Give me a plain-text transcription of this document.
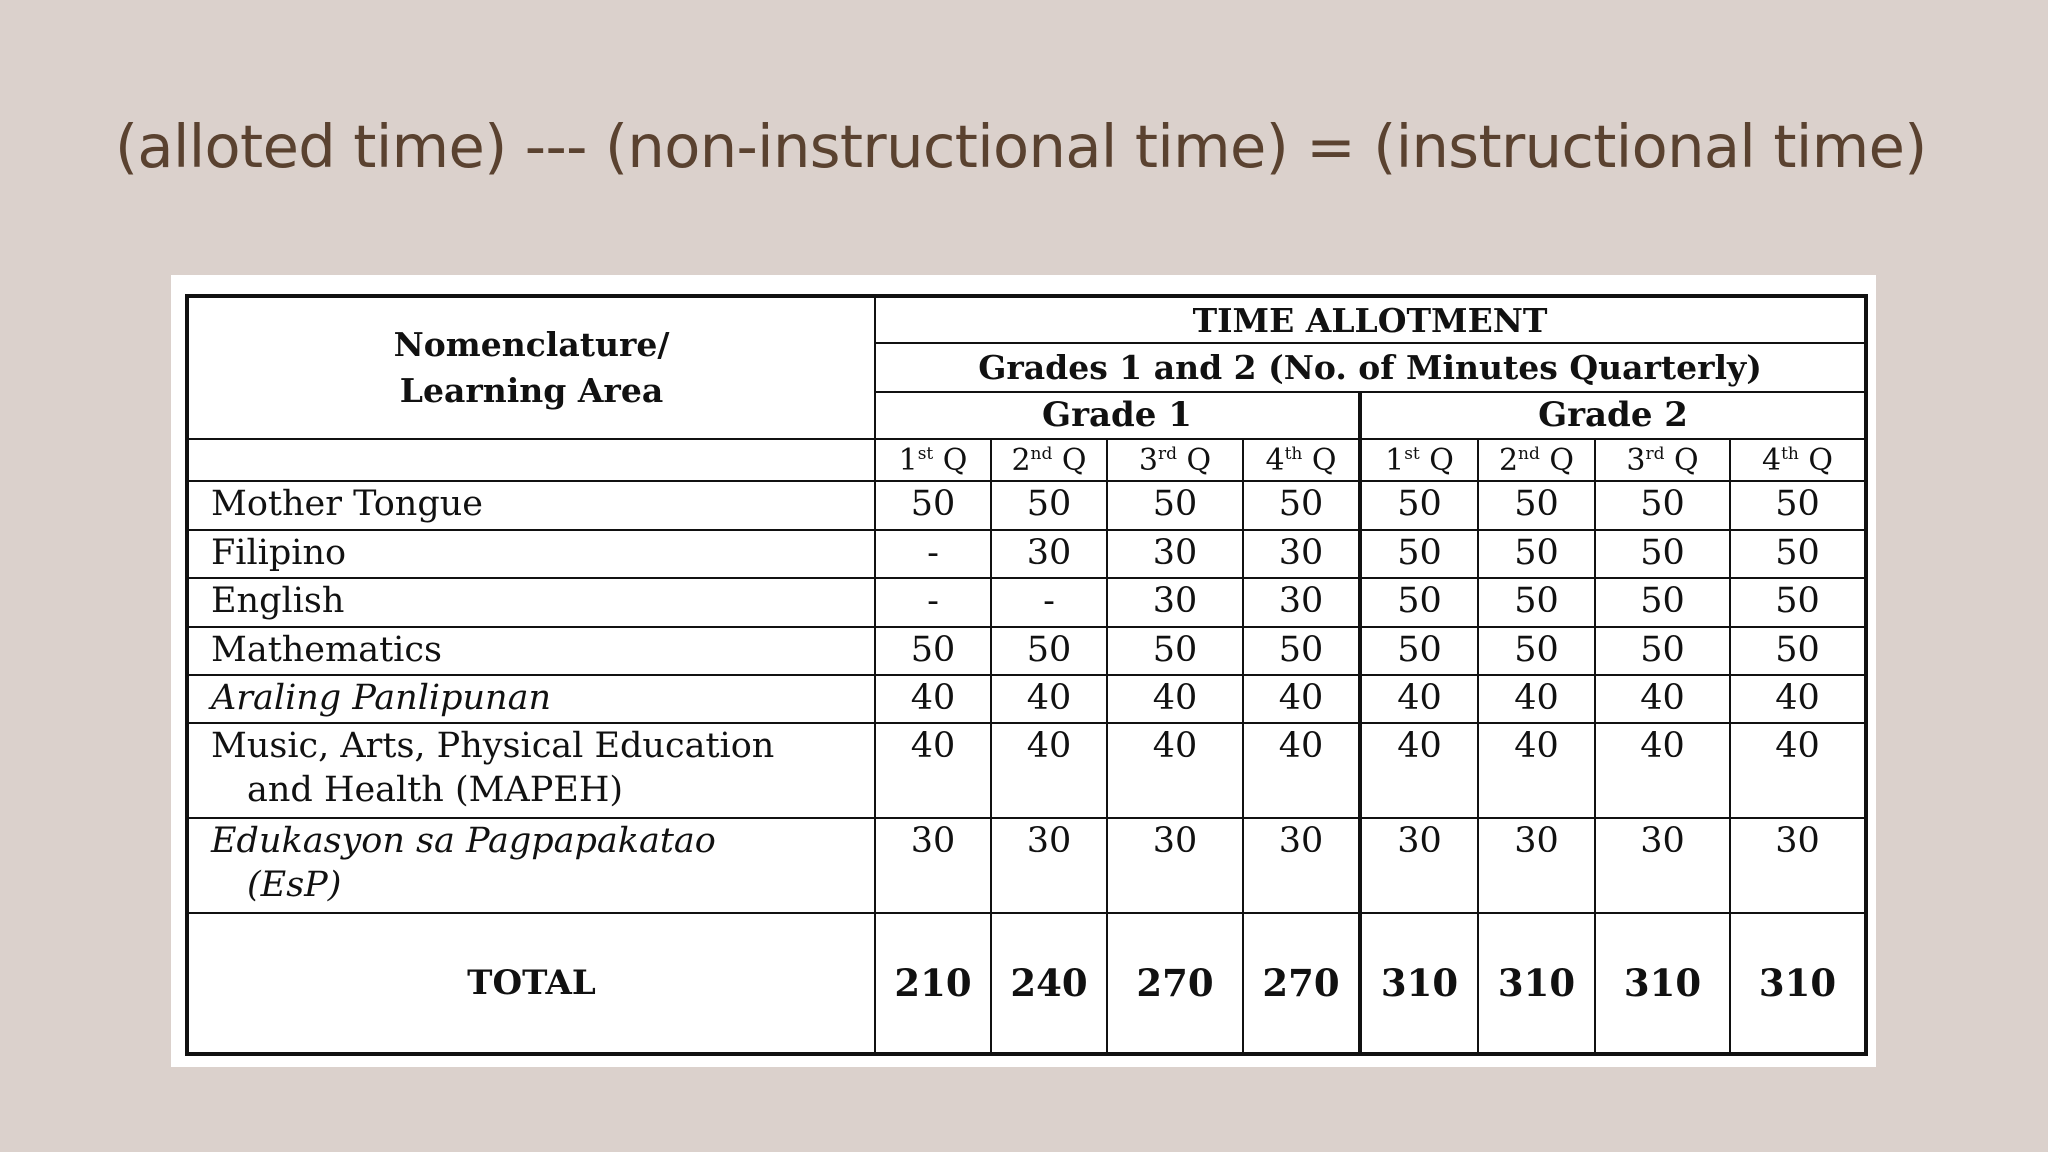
(alloted time) --- (non-instructional time) = (instructional time)
Nomenclature/
Learning Area	TIME ALLOTMENT							
	Grades 1 and 2 (No. of Minutes Quarterly)							
	Grade 1				Grade 2			
	1st Q	2nd Q	3rd Q	4th Q	1st Q	2nd Q	3rd Q	4th Q
Mother Tongue	50	50	50	50	50	50	50	50
Filipino	-	30	30	30	50	50	50	50
English	-	-	30	30	50	50	50	50
Mathematics	50	50	50	50	50	50	50	50
Araling Panlipunan	40	40	40	40	40	40	40	40
Music, Arts, Physical Education
and Health (MAPEH)	40	40	40	40	40	40	40	40
Edukasyon sa Pagpapakatao
(EsP)	30	30	30	30	30	30	30	30
TOTAL	210	240	270	270	310	310	310	310
